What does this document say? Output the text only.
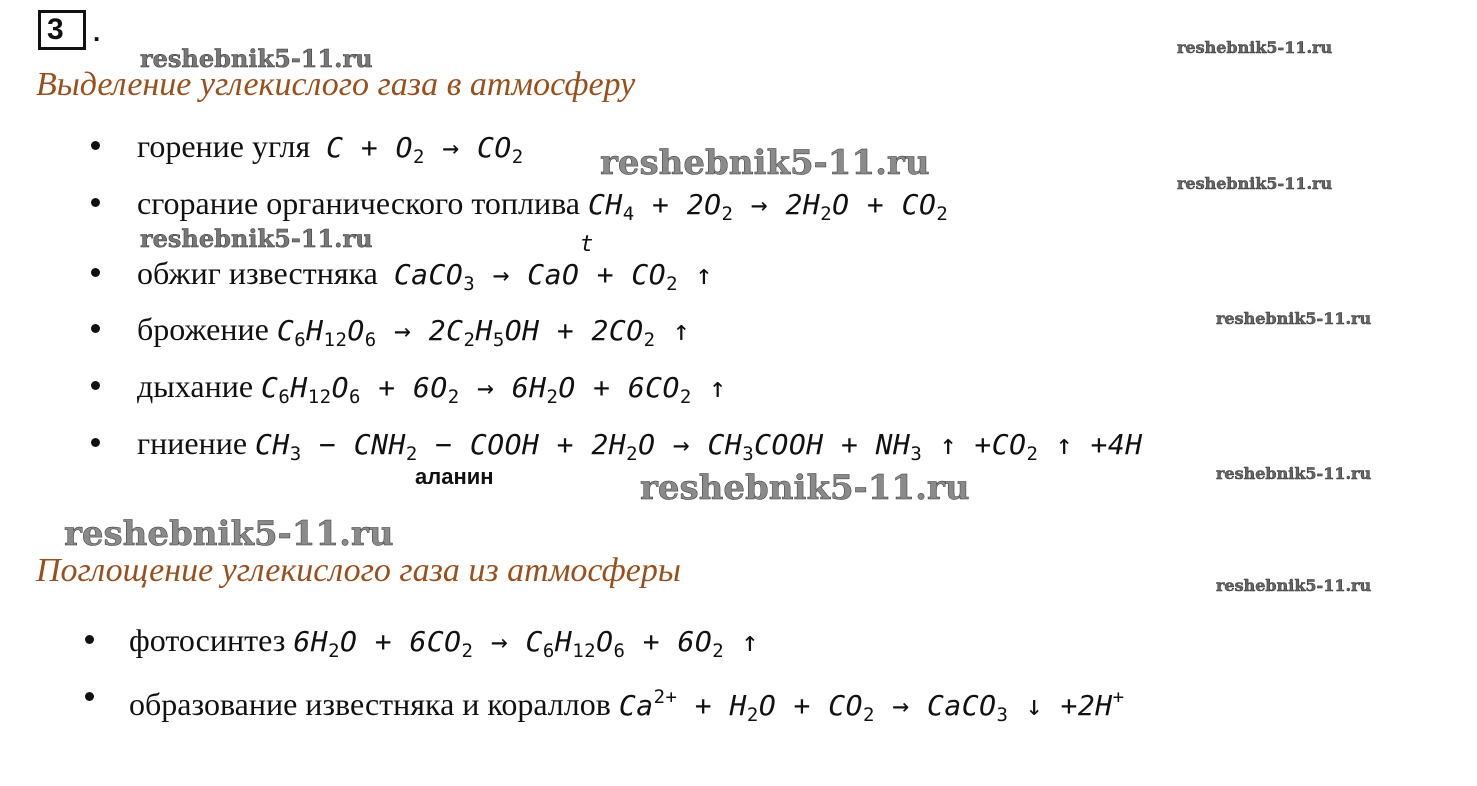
3 .
Выделение углекислого газа в атмосферу
горение угля $C + O_2 \to CO_2$
сгорание органического топлива $CH_4 + 2O_2 \to 2H_2O + CO_2$
t
обжиг известняка CaCO$_3$ → CaO + $CO_2$ ↑
брожение $C_6H_{12}O_6 \to 2C_2H_5OH + 2CO_2$ ↑
дыхание $C_6H_{12}O_6 + 6O_2 \to 6H_2O + 6CO_2$ ↑
гниение $CH_3 - CNH_2$ − COOH + $2H_2O$ → $CH_3COOH + NH_3$ ↑ $+CO_2$ ↑ +4H
аланин
Поглощение углекислого газа из атмосферы
фотосинтез $6H_2O + 6CO_2 \to C_6H_{12}O_6 + 6O_2$ ↑
образование известняка и кораллов $Ca^{2+} + H_2O + CO_2$ → CaCO$_3$ ↓ +2H+
reshebnik5-11.ru	reshebnik5-11.ru
reshebnik5-11.ru
reshebnik5-11.ru
reshebnik5-11.ru
reshebnik5-11.ru
reshebnik5-11.ru
reshebnik5-11.ru
reshebnik5-11.ru
reshebnik5-11.ru
